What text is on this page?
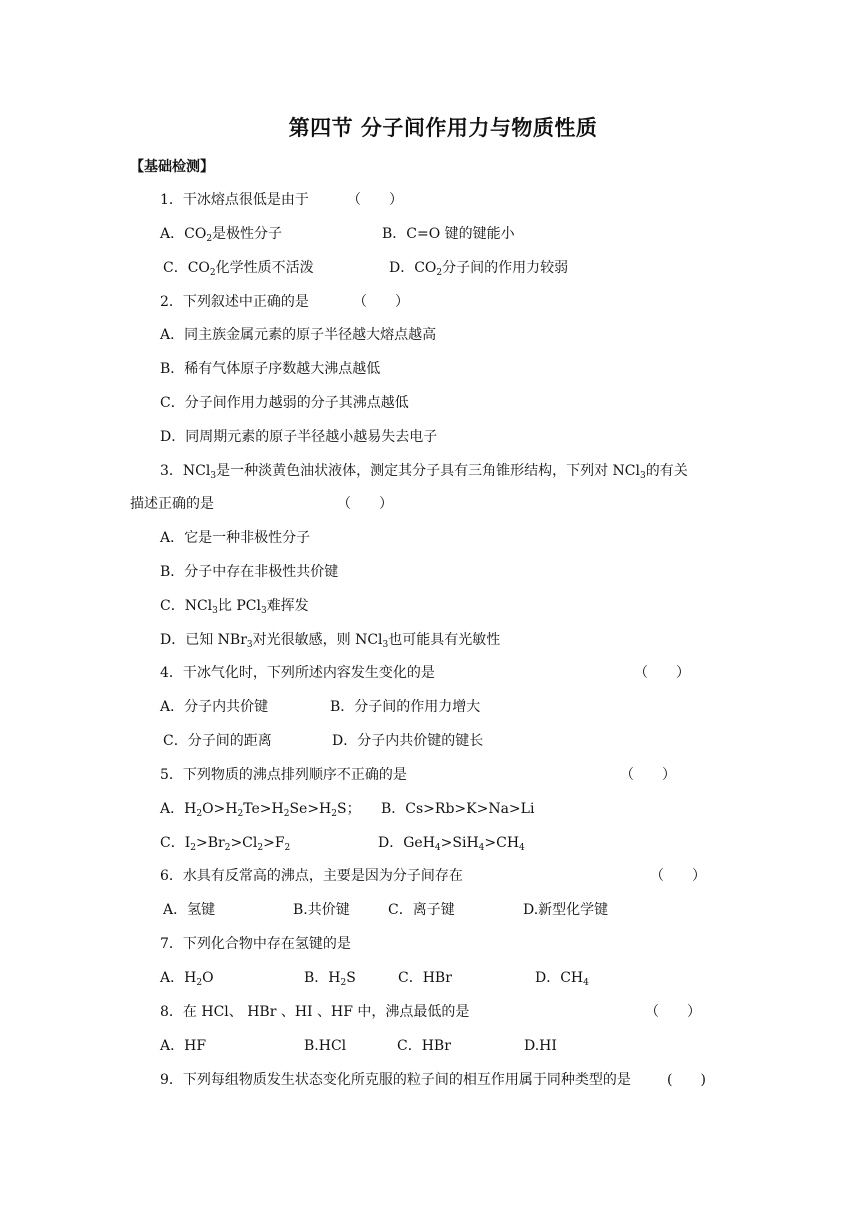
第四节 分子间作用力与物质性质
【基础检测】
1．干冰熔点很低是由于	（　　）
A．$CO_2$是极性分子	B．C=O 键的键能小
C．$CO_2$化学性质不活泼	D．$CO_2$分子间的作用力较弱
2．下列叙述中正确的是	（　　）
A．同主族金属元素的原子半径越大熔点越高
B．稀有气体原子序数越大沸点越低
C．分子间作用力越弱的分子其沸点越低
D．同周期元素的原子半径越小越易失去电子
3．NCl$_3$是一种淡黄色油状液体，测定其分子具有三角锥形结构，下列对 NCl$_3$的有关
描述正确的是	（　　）
A．它是一种非极性分子
B．分子中存在非极性共价键
C．NCl$_3$比 PCl$_3$难挥发
D．已知 NBr$_3$对光很敏感，则 NCl$_3$也可能具有光敏性
4．干冰气化时，下列所述内容发生变化的是	（　　）
A．分子内共价键	B．分子间的作用力增大
C．分子间的距离	D．分子内共价键的键长
5．下列物质的沸点排列顺序不正确的是	（　　）
A．$H_2O>H_2Te>H_2Se>H_2S$； B．Cs>Rb>K>Na>Li
C．$I_2>Br_2>Cl_2>F_2$	D．$GeH_4>SiH_4>CH_4$
6．水具有反常高的沸点，主要是因为分子间存在	（　　）
A．氢键	B.共价键	C．离子键	D.新型化学键
7．下列化合物中存在氢键的是
A．$H_2O$	B．$H_2S$	C．HBr	D．$CH_4$
8．在 HCl、 HBr 、HI 、HF 中，沸点最低的是	（　　）
A．HF	B.HCl	C．HBr	D.HI
9．下列每组物质发生状态变化所克服的粒子间的相互作用属于同种类型的是	(　　)
